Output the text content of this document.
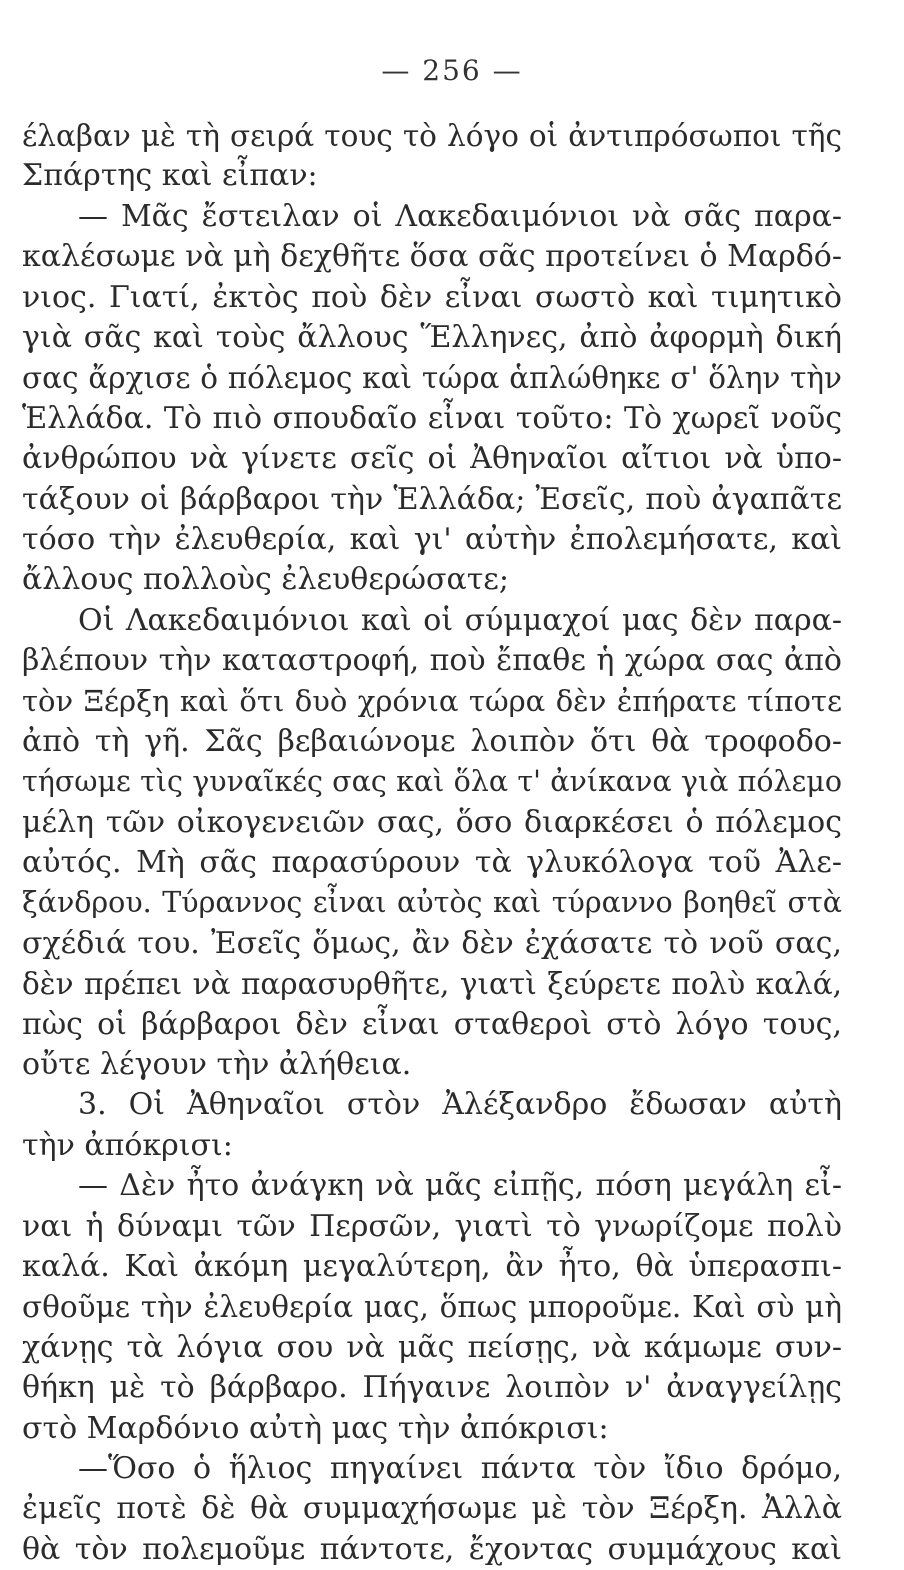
— 256 —
έλαβαν μὲ τὴ σειρά τους τὸ λόγο οἱ ἀντιπρόσωποι τῆς
Σπάρτης καὶ εἶπαν:
— Μᾶς ἔστειλαν οἱ Λακεδαιμόνιοι νὰ σᾶς παρα-
καλέσωμε νὰ μὴ δεχθῆτε ὅσα σᾶς προτείνει ὁ Μαρδό-
νιος. Γιατί, ἐκτὸς ποὺ δὲν εἶναι σωστὸ καὶ τιμητικὸ
γιὰ σᾶς καὶ τοὺς ἄλλους Ἕλληνες, ἀπὸ ἀφορμὴ δική
σας ἄρχισε ὁ πόλεμος καὶ τώρα ἁπλώθηκε σ' ὅλην τὴν
Ἑλλάδα. Τὸ πιὸ σπουδαῖο εἶναι τοῦτο: Τὸ χωρεῖ νοῦς
ἀνθρώπου νὰ γίνετε σεῖς οἱ Ἀθηναῖοι αἴτιοι νὰ ὑπο-
τάξουν οἱ βάρβαροι τὴν Ἑλλάδα; Ἐσεῖς, ποὺ ἀγαπᾶτε
τόσο τὴν ἐλευθερία, καὶ γι' αὐτὴν ἐπολεμήσατε, καὶ
ἄλλους πολλοὺς ἐλευθερώσατε;
Οἱ Λακεδαιμόνιοι καὶ οἱ σύμμαχοί μας δὲν παρα-
βλέπουν τὴν καταστροφή, ποὺ ἔπαθε ἡ χώρα σας ἀπὸ
τὸν Ξέρξη καὶ ὅτι δυὸ χρόνια τώρα δὲν ἐπήρατε τίποτε
ἀπὸ τὴ γῆ. Σᾶς βεβαιώνομε λοιπὸν ὅτι θὰ τροφοδο-
τήσωμε τὶς γυναῖκές σας καὶ ὅλα τ' ἀνίκανα γιὰ πόλεμο
μέλη τῶν οἰκογενειῶν σας, ὅσο διαρκέσει ὁ πόλεμος
αὐτός. Μὴ σᾶς παρασύρουν τὰ γλυκόλογα τοῦ Ἀλε-
ξάνδρου. Τύραννος εἶναι αὐτὸς καὶ τύραννο βοηθεῖ στὰ
σχέδιά του. Ἐσεῖς ὅμως, ἂν δὲν ἐχάσατε τὸ νοῦ σας,
δὲν πρέπει νὰ παρασυρθῆτε, γιατὶ ξεύρετε πολὺ καλά,
πὼς οἱ βάρβαροι δὲν εἶναι σταθεροὶ στὸ λόγο τους,
οὔτε λέγουν τὴν ἀλήθεια.
3. Οἱ Ἀθηναῖοι στὸν Ἀλέξανδρο ἔδωσαν αὐτὴ
τὴν ἀπόκρισι:
— Δὲν ἦτο ἀνάγκη νὰ μᾶς εἰπῇς, πόση μεγάλη εἶ-
ναι ἡ δύναμι τῶν Περσῶν, γιατὶ τὸ γνωρίζομε πολὺ
καλά. Καὶ ἀκόμη μεγαλύτερη, ἂν ἦτο, θὰ ὑπερασπι-
σθοῦμε τὴν ἐλευθερία μας, ὅπως μποροῦμε. Καὶ σὺ μὴ
χάνῃς τὰ λόγια σου νὰ μᾶς πείσῃς, νὰ κάμωμε συν-
θήκη μὲ τὸ βάρβαρο. Πήγαινε λοιπὸν ν' ἀναγγείλῃς
στὸ Μαρδόνιο αὐτὴ μας τὴν ἀπόκρισι:
—Ὅσο ὁ ἥλιος πηγαίνει πάντα τὸν ἴδιο δρόμο,
ἐμεῖς ποτὲ δὲ θὰ συμμαχήσωμε μὲ τὸν Ξέρξη. Ἀλλὰ
θὰ τὸν πολεμοῦμε πάντοτε, ἔχοντας συμμάχους καὶ
